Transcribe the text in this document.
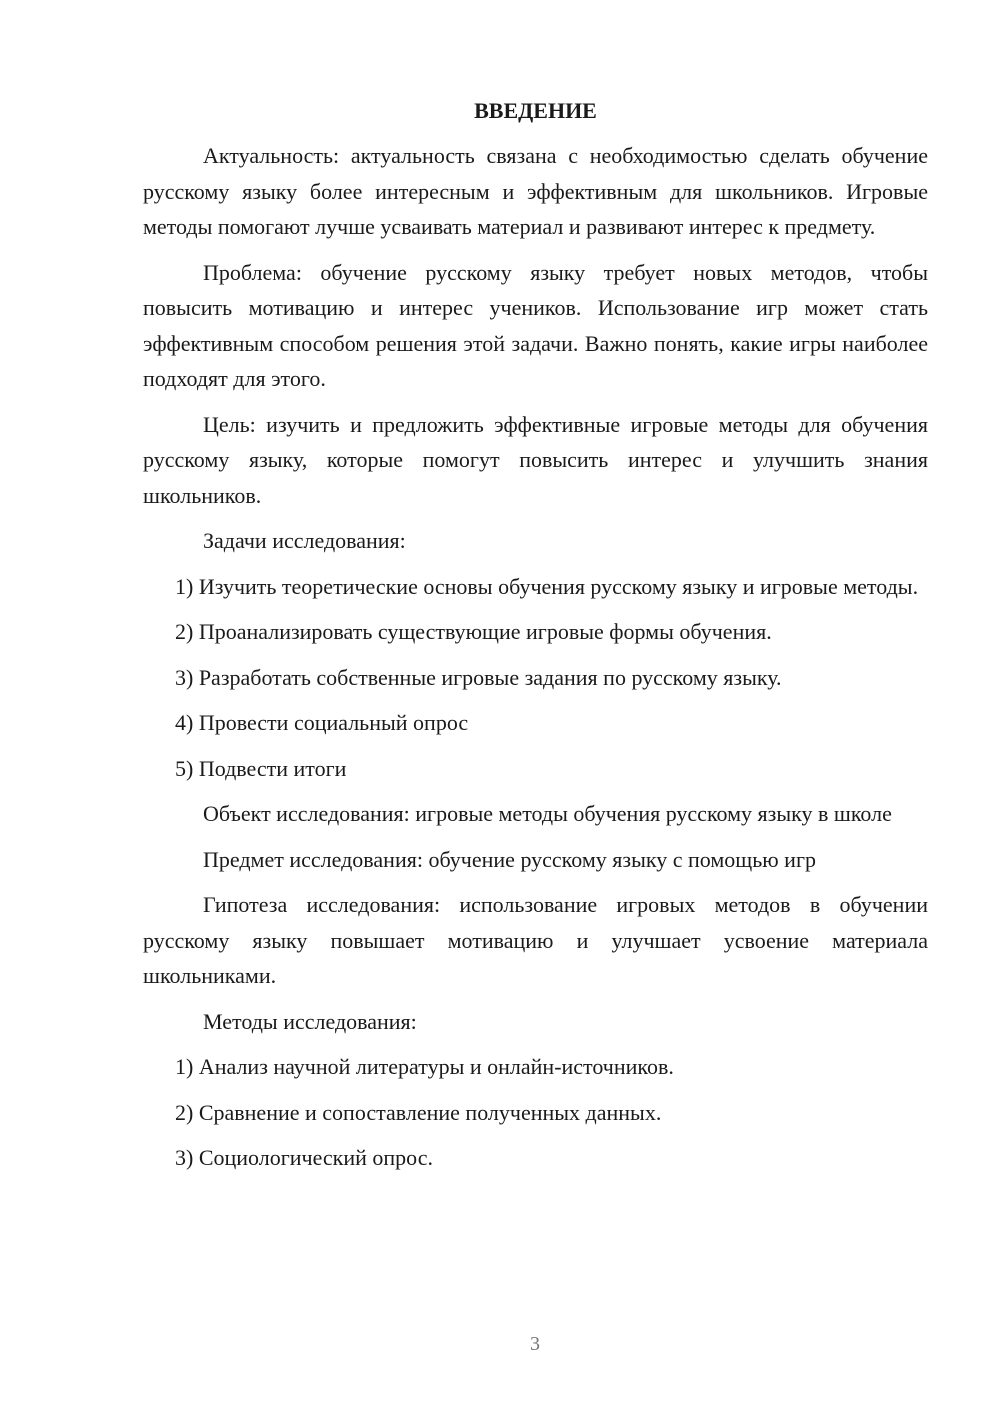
ВВЕДЕНИЕ

Актуальность: актуальность связана с необходимостью сделать обучение русскому языку более интересным и эффективным для школьников. Игровые методы помогают лучше усваивать материал и развивают интерес к предмету.

Проблема: обучение русскому языку требует новых методов, чтобы повысить мотивацию и интерес учеников. Использование игр может стать эффективным способом решения этой задачи. Важно понять, какие игры наиболее подходят для этого.

Цель: изучить и предложить эффективные игровые методы для обучения русскому языку, которые помогут повысить интерес и улучшить знания школьников.

Задачи исследования:

1) Изучить теоретические основы обучения русскому языку и игровые методы.

2) Проанализировать существующие игровые формы обучения.

3) Разработать собственные игровые задания по русскому языку.

4) Провести социальный опрос

5) Подвести итоги

Объект исследования: игровые методы обучения русскому языку в школе

Предмет исследования: обучение русскому языку с помощью игр

Гипотеза исследования: использование игровых методов в обучении русскому языку повышает мотивацию и улучшает усвоение материала школьниками.

Методы исследования:

1) Анализ научной литературы и онлайн-источников.

2) Сравнение и сопоставление полученных данных.

3) Социологический опрос.

3
